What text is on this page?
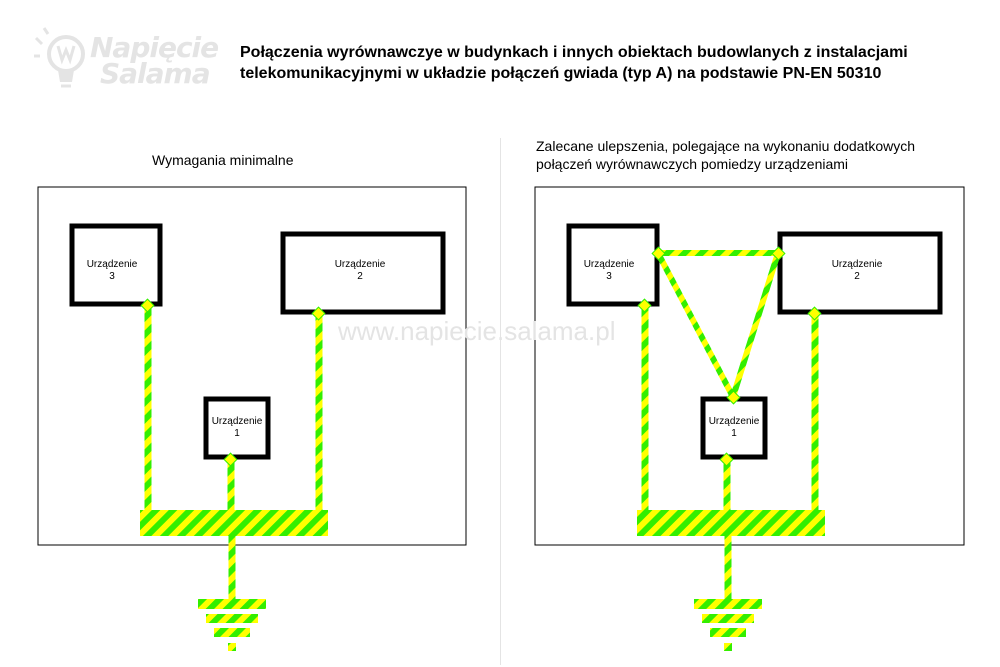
Napięcie
Salama
Połączenia wyrównawczye w budynkach i innych obiektach budowlanych z instalacjami
telekomunikacyjnymi w układzie połączeń gwiada (typ A) na podstawie PN-EN 50310
Wymagania minimalne
Zalecane ulepszenia, polegające na wykonaniu dodatkowych
połączeń wyrównawczych pomiedzy urządzeniami
Urządzenie
3
Urządzenie
2
Urządzenie
1
Urządzenie
3
Urządzenie
2
Urządzenie
1
www.napiecie.salama.pl
